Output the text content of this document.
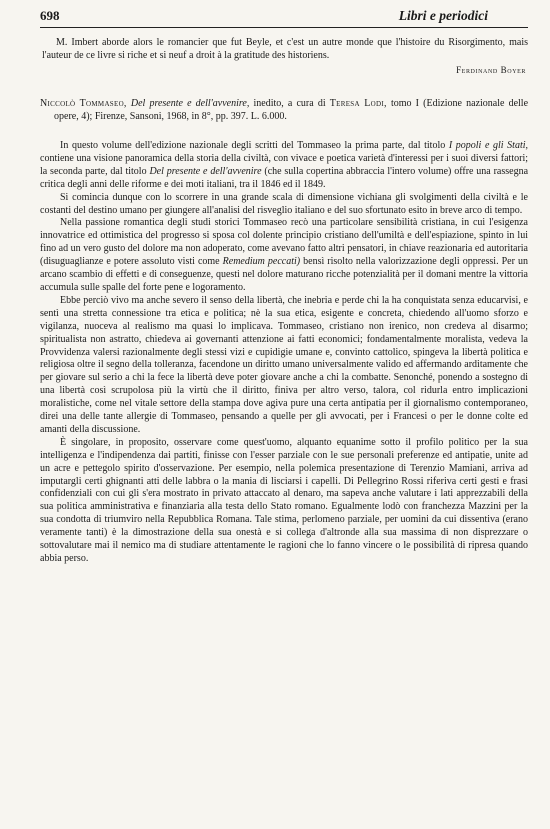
698	Libri e periodici

M. Imbert aborde alors le romancier que fut Beyle, et c'est un autre monde que l'histoire du Risorgimento, mais l'auteur de ce livre si riche et si neuf a droit à la gratitude des historiens.

Ferdinand Boyer

Niccolò Tommaseo, Del presente e dell'avvenire, inedito, a cura di Teresa Lodi, tomo I (Edizione nazionale delle opere, 4); Firenze, Sansoni, 1968, in 8°, pp. 397. L. 6.000.

In questo volume dell'edizione nazionale degli scritti del Tommaseo la prima parte, dal titolo I popoli e gli Stati, contiene una visione panoramica della storia della civiltà, con vivace e poetica varietà d'interessi per i suoi diversi fattori; la seconda parte, dal titolo Del presente e dell'avvenire (che sulla copertina abbraccia l'intero volume) offre una rassegna critica degli anni delle riforme e dei moti italiani, tra il 1846 ed il 1849.

Si comincia dunque con lo scorrere in una grande scala di dimensione vichiana gli svolgimenti della civiltà e le costanti del destino umano per giungere all'analisi del risveglio italiano e del suo sfortunato esito in breve arco di tempo.

Nella passione romantica degli studi storici Tommaseo recò una particolare sensibilità cristiana, in cui l'esigenza innovatrice ed ottimistica del progresso si sposa col dolente principio cristiano dell'umiltà e dell'espiazione, spinto in lui fino ad un vero gusto del dolore ma non adoperato, come avevano fatto altri pensatori, in chiave reazionaria ed autoritaria (disuguaglianze e potere assoluto visti come Remedium peccati) bensì risolto nella valorizzazione degli oppressi. Per un arcano scambio di effetti e di conseguenze, questi nel dolore maturano ricche potenzialità per il domani mentre la vittoria accumula sulle spalle del forte pene e logoramento.

Ebbe perciò vivo ma anche severo il senso della libertà, che inebria e perde chi la ha conquistata senza educarvisi, e sentì una stretta connessione tra etica e politica; nè la sua etica, esigente e concreta, chiedendo all'uomo sforzo e vigilanza, nuoceva al realismo ma quasi lo implicava. Tommaseo, cristiano non irenico, non credeva al disarmo; spiritualista non astratto, chiedeva ai governanti attenzione ai fatti economici; fondamentalmente moralista, vedeva la Provvidenza valersi razionalmente degli stessi vizi e cupidigie umane e, convinto cattolico, spingeva la libertà politica e religiosa oltre il segno della tolleranza, facendone un diritto umano universalmente valido ed affermando arditamente che per giovare sul serio a chi la fece la libertà deve poter giovare anche a chi la combatte. Senonché, ponendo a sostegno di una libertà così scrupolosa più la virtù che il diritto, finiva per altro verso, talora, col ridurla entro implicazioni moralistiche, come nel vitale settore della stampa dove agiva pure una certa antipatia per il giornalismo contemporaneo, direi una delle tante allergie di Tommaseo, pensando a quelle per gli avvocati, per i Francesi o per le donne colte ed amanti della discussione.

È singolare, in proposito, osservare come quest'uomo, alquanto equanime sotto il profilo politico per la sua intelligenza e l'indipendenza dai partiti, finisse con l'esser parziale con le sue personali preferenze ed antipatie, unite ad un acre e pettegolo spirito d'osservazione. Per esempio, nella polemica presentazione di Terenzio Mamiani, arriva ad imputargli certi ghignanti atti delle labbra o la mania di lisciarsi i capelli. Di Pellegrino Rossi riferiva certi gesti e frasi confidenziali con cui gli s'era mostrato in privato attaccato al denaro, ma sapeva anche valutare i lati apprezzabili della sua politica amministrativa e finanziaria alla testa dello Stato romano. Egualmente lodò con franchezza Mazzini per la sua condotta di triumviro nella Repubblica Romana. Tale stima, perlomeno parziale, per uomini da cui dissentiva (erano veramente tanti) è la dimostrazione della sua onestà e si collega d'altronde alla sua massima di non disprezzare o sottovalutare mai il nemico ma di studiare attentamente le ragioni che lo fanno vincere o le possibilità di ripresa quando abbia perso.
